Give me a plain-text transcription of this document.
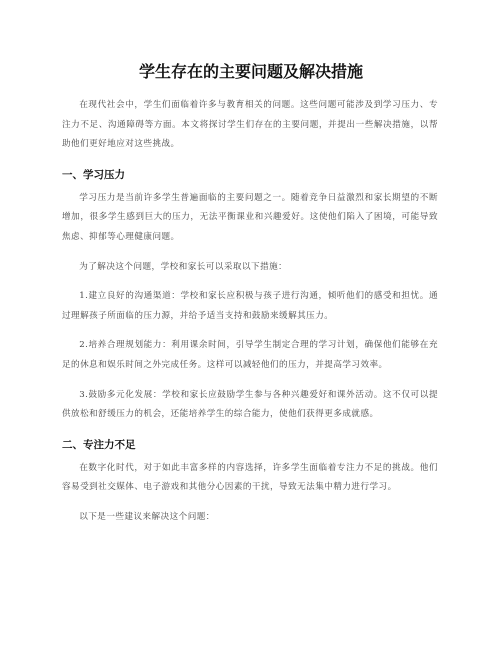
学生存在的主要问题及解决措施

在现代社会中，学生们面临着许多与教育相关的问题。这些问题可能涉及到学习压力、专注力不足、沟通障碍等方面。本文将探讨学生们存在的主要问题，并提出一些解决措施，以帮助他们更好地应对这些挑战。

一、学习压力

学习压力是当前许多学生普遍面临的主要问题之一。随着竞争日益激烈和家长期望的不断增加，很多学生感到巨大的压力，无法平衡课业和兴趣爱好。这使他们陷入了困境，可能导致焦虑、抑郁等心理健康问题。

为了解决这个问题，学校和家长可以采取以下措施：

1.建立良好的沟通渠道：学校和家长应积极与孩子进行沟通，倾听他们的感受和担忧。通过理解孩子所面临的压力源，并给予适当支持和鼓励来缓解其压力。

2.培养合理规划能力：利用课余时间，引导学生制定合理的学习计划，确保他们能够在充足的休息和娱乐时间之外完成任务。这样可以减轻他们的压力，并提高学习效率。

3.鼓励多元化发展：学校和家长应鼓励学生参与各种兴趣爱好和课外活动。这不仅可以提供放松和舒缓压力的机会，还能培养学生的综合能力，使他们获得更多成就感。

二、专注力不足

在数字化时代，对于如此丰富多样的内容选择，许多学生面临着专注力不足的挑战。他们容易受到社交媒体、电子游戏和其他分心因素的干扰，导致无法集中精力进行学习。

以下是一些建议来解决这个问题：
